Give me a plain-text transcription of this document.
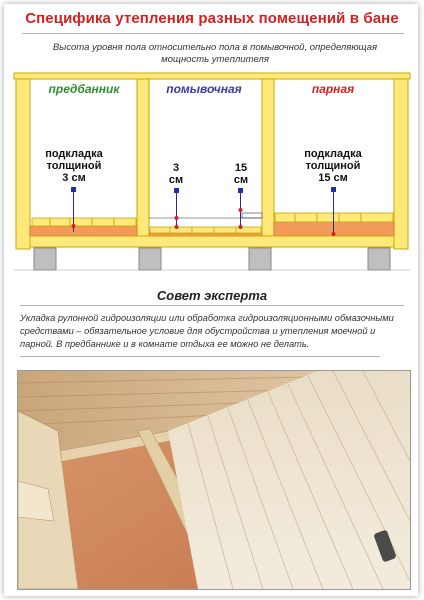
Специфика утепления разных помещений в бане
Высота уровня пола относительно пола в помывочной, определяющая
мощность утеплителя
предбанник	помывочная	парная
подкладка
толщиной
3 см
3
см
15
см
подкладка
толщиной
15 см
Совет эксперта
Укладка рулонной гидроизоляции или обработка гидроизоляционными обмазочными средствами – обязательное условие для обустройства и утепления моечной и парной. В предбаннике и в комнате отдыха ее можно не делать.
